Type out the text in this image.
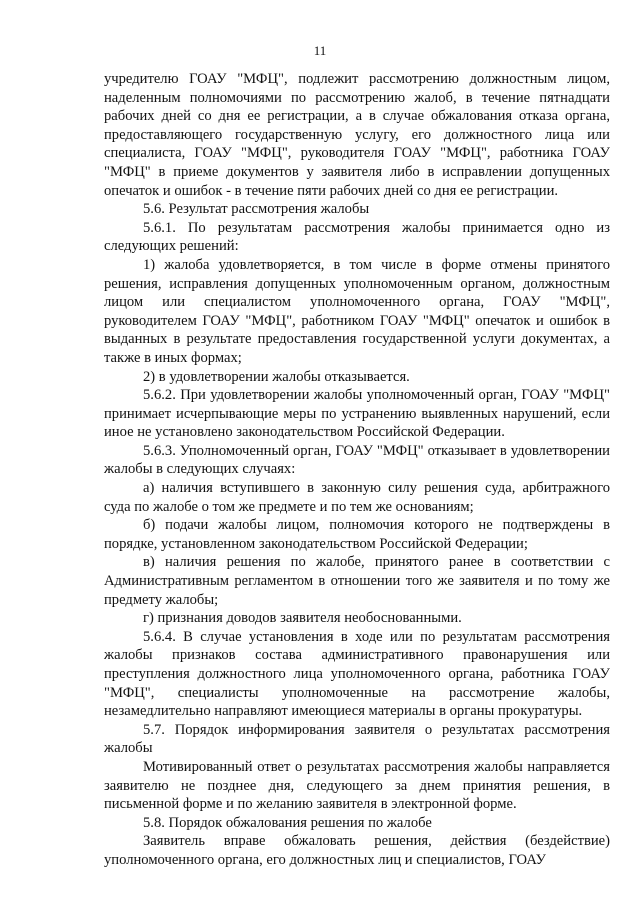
11

учредителю ГОАУ "МФЦ", подлежит рассмотрению должностным лицом, наделенным полномочиями по рассмотрению жалоб, в течение пятнадцати рабочих дней со дня ее регистрации, а в случае обжалования отказа органа, предоставляющего государственную услугу, его должностного лица или специалиста, ГОАУ "МФЦ", руководителя ГОАУ "МФЦ", работника ГОАУ "МФЦ" в приеме документов у заявителя либо в исправлении допущенных опечаток и ошибок - в течение пяти рабочих дней со дня ее регистрации.

5.6. Результат рассмотрения жалобы

5.6.1. По результатам рассмотрения жалобы принимается одно из следующих решений:

1) жалоба удовлетворяется, в том числе в форме отмены принятого решения, исправления допущенных уполномоченным органом, должностным лицом или специалистом уполномоченного органа, ГОАУ "МФЦ", руководителем ГОАУ "МФЦ", работником ГОАУ "МФЦ" опечаток и ошибок в выданных в результате предоставления государственной услуги документах, а также в иных формах;

2) в удовлетворении жалобы отказывается.

5.6.2. При удовлетворении жалобы уполномоченный орган, ГОАУ "МФЦ" принимает исчерпывающие меры по устранению выявленных нарушений, если иное не установлено законодательством Российской Федерации.

5.6.3. Уполномоченный орган, ГОАУ "МФЦ" отказывает в удовлетворении жалобы в следующих случаях:

а) наличия вступившего в законную силу решения суда, арбитражного суда по жалобе о том же предмете и по тем же основаниям;

б) подачи жалобы лицом, полномочия которого не подтверждены в порядке, установленном законодательством Российской Федерации;

в) наличия решения по жалобе, принятого ранее в соответствии с Административным регламентом в отношении того же заявителя и по тому же предмету жалобы;

г) признания доводов заявителя необоснованными.

5.6.4. В случае установления в ходе или по результатам рассмотрения жалобы признаков состава административного правонарушения или преступления должностного лица уполномоченного органа, работника ГОАУ "МФЦ", специалисты уполномоченные на рассмотрение жалобы, незамедлительно направляют имеющиеся материалы в органы прокуратуры.

5.7. Порядок информирования заявителя о результатах рассмотрения жалобы

Мотивированный ответ о результатах рассмотрения жалобы направляется заявителю не позднее дня, следующего за днем принятия решения, в письменной форме и по желанию заявителя в электронной форме.

5.8. Порядок обжалования решения по жалобе

Заявитель вправе обжаловать решения, действия (бездействие) уполномоченного органа, его должностных лиц и специалистов, ГОАУ
